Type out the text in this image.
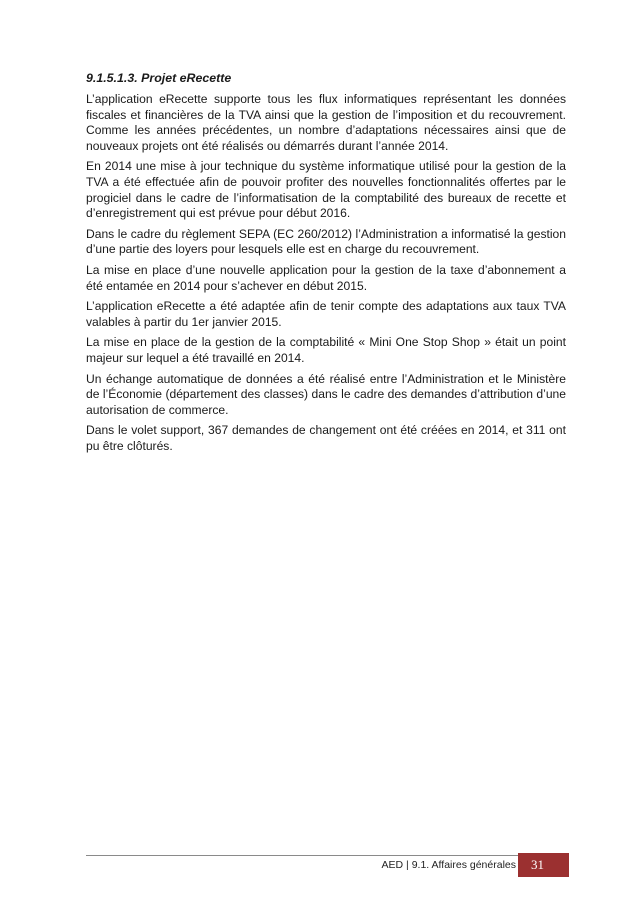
9.1.5.1.3. Projet eRecette

L’application eRecette supporte tous les flux informatiques représentant les données fiscales et financières de la TVA ainsi que la gestion de l’imposition et du recouvrement. Comme les années précédentes, un nombre d’adaptations nécessaires ainsi que de nouveaux projets ont été réalisés ou démarrés durant l’année 2014.

En 2014 une mise à jour technique du système informatique utilisé pour la gestion de la TVA a été effectuée afin de pouvoir profiter des nouvelles fonctionnalités offertes par le progiciel dans le cadre de l’informatisation de la comptabilité des bureaux de recette et d’enregistrement qui est prévue pour début 2016.

Dans le cadre du règlement SEPA (EC 260/2012) l’Administration a informatisé la gestion d’une partie des loyers pour lesquels elle est en charge du recouvrement.

La mise en place d’une nouvelle application pour la gestion de la taxe d’abonnement a été entamée en 2014 pour s’achever en début 2015.

L’application eRecette a été adaptée afin de tenir compte des adaptations aux taux TVA valables à partir du 1er janvier 2015.

La mise en place de la gestion de la comptabilité « Mini One Stop Shop » était un point majeur sur lequel a été travaillé en 2014.

Un échange automatique de données a été réalisé entre l’Administration et le Ministère de l’Économie (département des classes) dans le cadre des demandes d’attribution d’une autorisation de commerce.

Dans le volet support, 367 demandes de changement ont été créées en 2014, et 311 ont pu être clôturés.

AED | 9.1. Affaires générales	31
